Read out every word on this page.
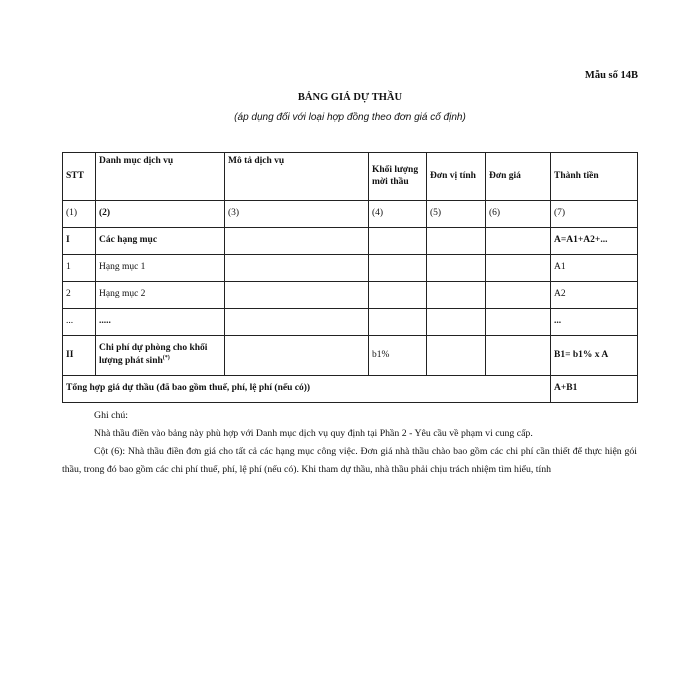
Mẫu số 14B
BẢNG GIÁ DỰ THẦU
(áp dụng đối với loại hợp đồng theo đơn giá cố định)
STT	Danh mục dịch vụ	Mô tả dịch vụ	Khối lượng mời thầu	Đơn vị tính	Đơn giá	Thành tiền
(1)	(2)	(3)	(4)	(5)	(6)	(7)
I	Các hạng mục					A=A1+A2+...
1	Hạng mục 1					A1
2	Hạng mục 2					A2
...	.....					...
II	Chi phí dự phòng cho khối lượng phát sinh(*)		b1%			B1= b1% x A
Tổng hợp giá dự thầu (đã bao gồm thuế, phí, lệ phí (nếu có))						A+B1

Ghi chú:

Nhà thầu điền vào bảng này phù hợp với Danh mục dịch vụ quy định tại Phần 2 - Yêu cầu về phạm vi cung cấp.

Cột (6): Nhà thầu điền đơn giá cho tất cả các hạng mục công việc. Đơn giá nhà thầu chào bao gồm các chi phí cần thiết để thực hiện gói thầu, trong đó bao gồm các chi phí thuế, phí, lệ phí (nếu có). Khi tham dự thầu, nhà thầu phải chịu trách nhiệm tìm hiểu, tính
